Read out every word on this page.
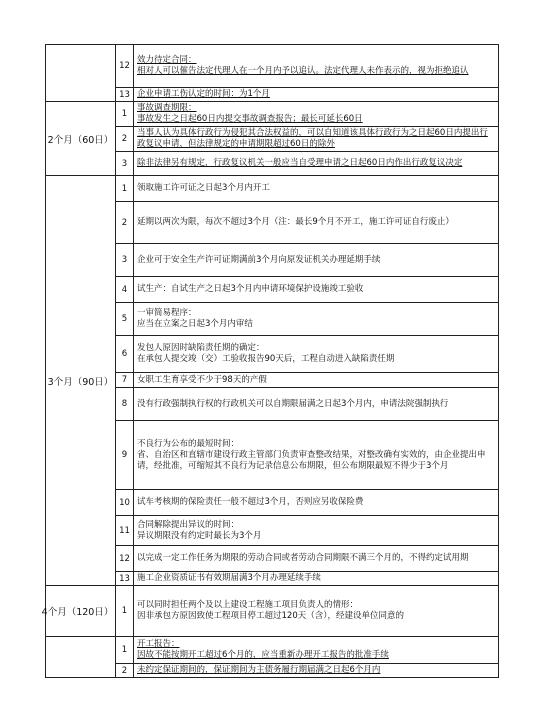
	12	效力待定合同：
相对人可以催告法定代理人在一个月内予以追认。法定代理人未作表示的，视为拒绝追认

	13	企业申请工伤认定的时间：为1个月

2个月（60日）	1	事故调查期限：
事故发生之日起60日内提交事故调查报告；最长可延长60日

	2	当事人认为具体行政行为侵犯其合法权益的，可以自知道该具体行政行为之日起60日内提出行政复议申请，但法律规定的申请期限超过60日的除外

	3	除非法律另有规定，行政复议机关一般应当自受理申请之日起60日内作出行政复议决定

3个月（90日）	1	领取施工许可证之日起3个月内开工
	2	延期以两次为限，每次不超过3个月（注：最长9个月不开工，施工许可证自行废止）
	3	企业可于安全生产许可证期满前3个月向原发证机关办理延期手续
	4	试生产：自试生产之日起3个月内申请环境保护设施竣工验收
	5	一审简易程序：
应当在立案之日起3个月内审结
	6	发包人原因时缺陷责任期的确定：
在承包人提交竣（交）工验收报告90天后，工程自动进入缺陷责任期
	7	女职工生育享受不少于98天的产假
	8	没有行政强制执行权的行政机关可以自期限届满之日起3个月内，申请法院强制执行
	9	不良行为公布的最短时间：
省、自治区和直辖市建设行政主管部门负责审查整改结果，对整改确有实效的，由企业提出申请，经批准，可缩短其不良行为记录信息公布期限，但公布期限最短不得少于3个月
	10	试车考核期的保险责任一般不超过3个月，否则应另收保险费
	11	合同解除提出异议的时间：
异议期限没有约定时最长为3个月
	12	以完成一定工作任务为期限的劳动合同或者劳动合同期限不满三个月的，不得约定试用期
	13	施工企业资质证书有效期届满3个月办理延续手续

4个月（120日）	1	可以同时担任两个及以上建设工程施工项目负责人的情形：
因非承包方原因致使工程项目停工超过120天（含），经建设单位同意的
	1	开工报告：
因故不能按期开工超过6个月的，应当重新办理开工报告的批准手续

	2	未约定保证期间的，保证期间为主债务履行期届满之日起6个月内
